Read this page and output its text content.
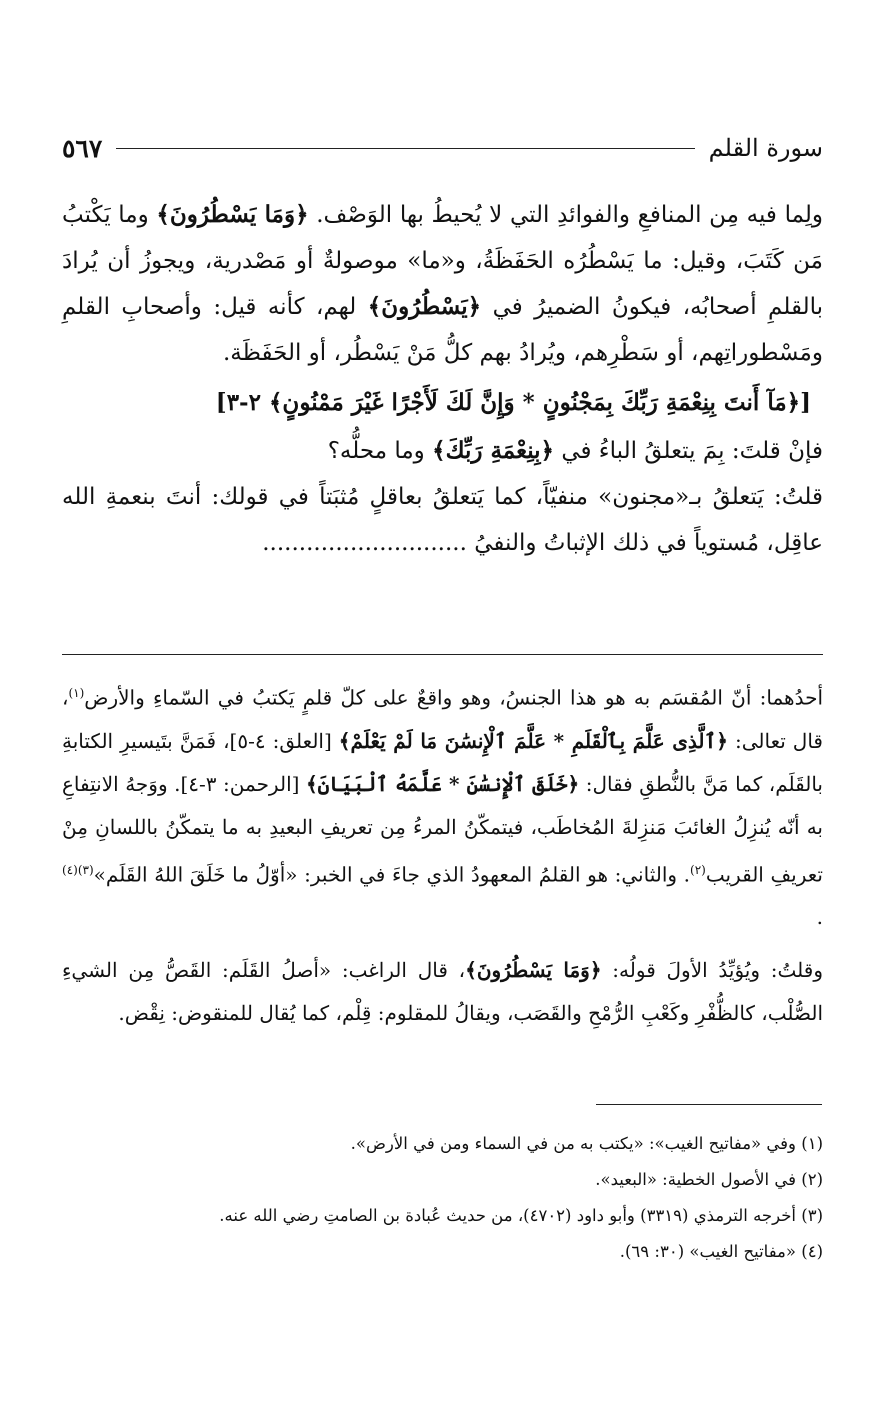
سورة القلم
٥٦٧

ولِما فيه مِن المنافعِ والفوائدِ التي لا يُحيطُ بها الوَصْف. ﴿وَمَا يَسْطُرُونَ﴾ وما يَكْتبُ مَن كَتَبَ، وقيل: ما يَسْطُرُه الحَفَظَةُ، و«ما» موصولةٌ أو مَصْدرية، ويجوزُ أن يُرادَ بالقلمِ أصحابُه، فيكونُ الضميرُ في ﴿يَسْطُرُونَ﴾ لهم، كأنه قيل: وأصحابِ القلمِ ومَسْطوراتِهم، أو سَطْرِهم، ويُرادُ بهم كلُّ مَنْ يَسْطُر، أو الحَفَظَة.

[﴿مَآ أَنتَ بِنِعْمَةِ رَبِّكَ بِمَجْنُونٍ * وَإِنَّ لَكَ لَأَجْرًا غَيْرَ مَمْنُونٍ﴾ ٢-٣]

فإنْ قلتَ: بِمَ يتعلقُ الباءُ في ﴿بِنِعْمَةِ رَبِّكَ﴾ وما محلُّه؟

قلتُ: يَتعلقُ بـ«مجنون» منفيّاً، كما يَتعلقُ بعاقلٍ مُثبَتاً في قولك: أنتَ بنعمةِ الله عاقِل، مُستوياً في ذلك الإثباتُ والنفيُ ............................

أحدُهما: أنّ المُقسَم به هو هذا الجنسُ، وهو واقعٌ على كلّ قلمٍ يَكتبُ في السّماءِ والأرض$^{(١)}$، قال تعالى: ﴿ٱلَّذِى عَلَّمَ بِٱلْقَلَمِ * عَلَّمَ ٱلْإِنسَٰنَ مَا لَمْ يَعْلَمْ﴾ [العلق: ٤-٥]، فَمَنَّ بتَيسيرِ الكتابةِ بالقَلَم، كما مَنَّ بالنُّطقِ فقال: ﴿خَلَقَ ٱلْإِنسَٰنَ * عَلَّمَهُ ٱلْبَيَانَ﴾ [الرحمن: ٣-٤]. ووَجهُ الانتِفاعِ به أنّه يُنزِلُ الغائبَ مَنزِلةَ المُخاطَب، فيتمكّنُ المرءُ مِن تعريفِ البعيدِ به ما يتمكّنُ باللسانِ مِنْ تعريفِ القريب$^{(٢)}$. والثاني: هو القلمُ المعهودُ الذي جاءَ في الخبر: «أوّلُ ما خَلَقَ اللهُ القَلَم»$^{(٣)(٤)}$ .

وقلتُ: ويُؤيِّدُ الأولَ قولُه: ﴿وَمَا يَسْطُرُونَ﴾، قال الراغب: «أصلُ القَلَم: القَصُّ مِن الشيءِ الصُّلْب، كالظُّفْرِ وكَعْبِ الرُّمْحِ والقَصَب، ويقالُ للمقلوم: قِلْم، كما يُقال للمنقوض: نِقْض.

(١) وفي «مفاتيح الغيب»: «يكتب به من في السماء ومن في الأرض».

(٢) في الأصول الخطية: «البعيد».

(٣) أخرجه الترمذي (٣٣١٩) وأبو داود (٤٧٠٢)، من حديث عُبادة بن الصامتِ رضي الله عنه.

(٤) «مفاتيح الغيب» (٣٠: ٦٩).
